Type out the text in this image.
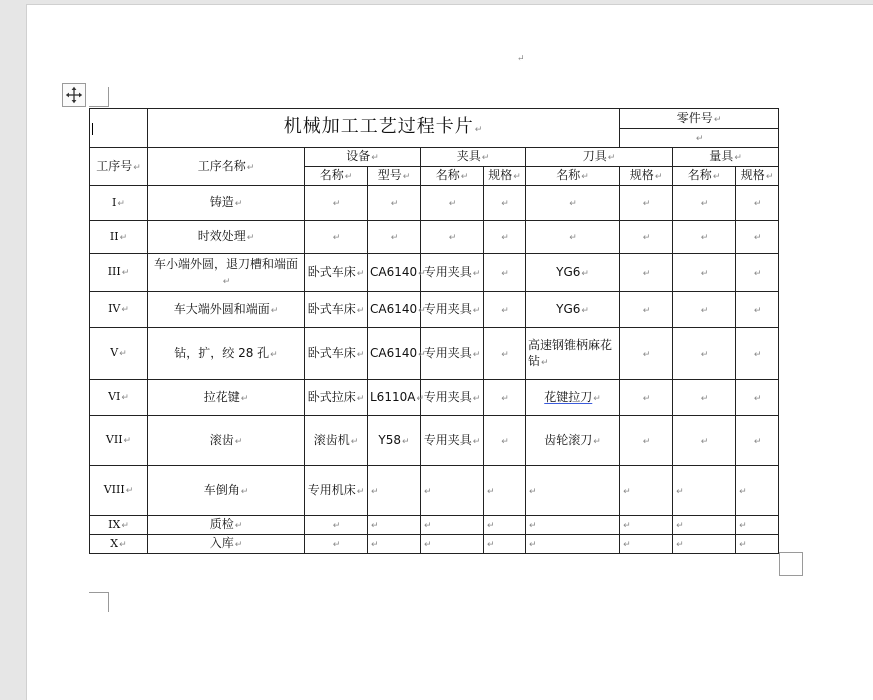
↵
	机械加工工艺过程卡片↵						零件号↵		
							↵		
工序号↵	工序名称↵	设备↵		夹具↵		刀具↵		量具↵	
		名称↵	型号↵	名称↵	规格↵	名称↵	规格↵	名称↵	规格↵
I↵	铸造↵	↵	↵	↵	↵	↵	↵	↵	↵
II↵	时效处理↵	↵	↵	↵	↵	↵	↵	↵	↵
III↵	车小端外圆，退刀槽和端面↵	卧式车床↵	CA6140↵	专用夹具↵	↵	YG6↵	↵	↵	↵
IV↵	车大端外圆和端面↵	卧式车床↵	CA6140↵	专用夹具↵	↵	YG6↵	↵	↵	↵
V↵	钻，扩，绞 28 孔↵	卧式车床↵	CA6140↵	专用夹具↵	↵	高速钢锥柄麻花钻↵	↵	↵	↵
VI↵	拉花键↵	卧式拉床↵	L6110A↵	专用夹具↵	↵	花键拉刀↵	↵	↵	↵
VII↵	滚齿↵	滚齿机↵	Y58↵	专用夹具↵	↵	齿轮滚刀↵	↵	↵	↵
VIII↵	车倒角↵	专用机床↵	↵	↵	↵	↵	↵	↵	↵
IX↵	质检↵	↵	↵	↵	↵	↵	↵	↵	↵
X↵	入库↵	↵	↵	↵	↵	↵	↵	↵	↵
